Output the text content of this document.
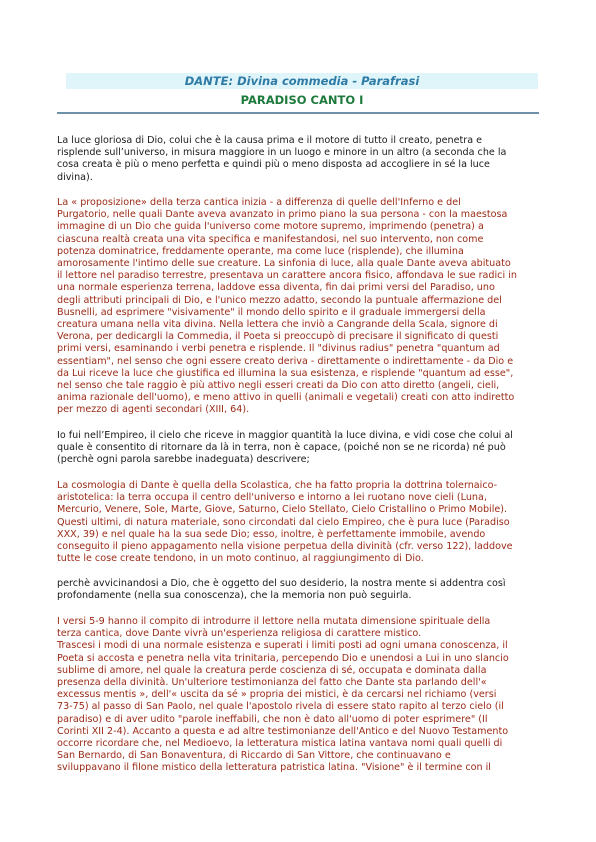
DANTE: Divina commedia - Parafrasi
PARADISO CANTO I

La luce gloriosa di Dio, colui che è la causa prima e il motore di tutto il creato, penetra e
risplende sull’universo, in misura maggiore in un luogo e minore in un altro (a seconda che la
cosa creata è più o meno perfetta e quindi più o meno disposta ad accogliere in sé la luce
divina).

La « proposizione» della terza cantica inizia - a differenza di quelle dell'Inferno e del
Purgatorio, nelle quali Dante aveva avanzato in primo piano la sua persona - con la maestosa
immagine di un Dio che guida l'universo come motore supremo, imprimendo (penetra) a
ciascuna realtà creata una vita specifica e manifestandosi, nel suo intervento, non come
potenza dominatrice, freddamente operante, ma come luce (risplende), che illumina
amorosamente l'intimo delle sue creature. La sinfonia di luce, alla quale Dante aveva abituato
il lettore nel paradiso terrestre, presentava un carattere ancora fisico, affondava le sue radici in
una normale esperienza terrena, laddove essa diventa, fin dai primi versi del Paradiso, uno
degli attributi principali di Dio, e l'unico mezzo adatto, secondo la puntuale affermazione del
Busnelli, ad esprimere "visivamente" il mondo dello spirito e il graduale immergersi della
creatura umana nella vita divina. Nella lettera che inviò a Cangrande della Scala, signore di
Verona, per dedicargli la Commedia, il Poeta si preoccupò di precisare il significato di questi
primi versi, esaminando i verbi penetra e risplende. Il "divinus radius" penetra "quantum ad
essentiam", nel senso che ogni essere creato deriva - direttamente o indirettamente - da Dio e
da Lui riceve la luce che giustifica ed illumina la sua esistenza, e risplende "quantum ad esse",
nel senso che tale raggio è più attivo negli esseri creati da Dio con atto diretto (angeli, cieli,
anima razionale dell'uomo), e meno attivo in quelli (animali e vegetali) creati con atto indiretto
per mezzo di agenti secondari (XIII, 64).

Io fui nell’Empireo, il cielo che riceve in maggior quantità la luce divina, e vidi cose che colui al
quale è consentito di ritornare da là in terra, non è capace, (poiché non se ne ricorda) né può
(perchè ogni parola sarebbe inadeguata) descrivere;

La cosmologia di Dante è quella della Scolastica, che ha fatto propria la dottrina tolernaico-
aristotelica: la terra occupa il centro dell'universo e intorno a lei ruotano nove cieli (Luna,
Mercurio, Venere, Sole, Marte, Giove, Saturno, Cielo Stellato, Cielo Cristallino o Primo Mobile).
Questi ultimi, di natura materiale, sono circondati dal cielo Empireo, che è pura luce (Paradiso
XXX, 39) e nel quale ha la sua sede Dio; esso, inoltre, è perfettamente immobile, avendo
conseguito il pieno appagamento nella visione perpetua della divinità (cfr. verso 122), laddove
tutte le cose create tendono, in un moto continuo, al raggiungimento di Dio.

perchè avvicinandosi a Dio, che è oggetto del suo desiderio, la nostra mente si addentra così
profondamente (nella sua conoscenza), che la memoria non può seguirla.

I versi 5-9 hanno il compito di introdurre il lettore nella mutata dimensione spirituale della
terza cantica, dove Dante vivrà un'esperienza religiosa di carattere mistico.
Trascesi i modi di una normale esistenza e superati i limiti posti ad ogni umana conoscenza, il
Poeta si accosta e penetra nella vita trinitaria, percependo Dio e unendosi a Lui in uno slancio
sublime di amore, nel quale la creatura perde coscienza di sé, occupata e dominata dalla
presenza della divinità. Un'ulteriore testimonianza del fatto che Dante sta parlando dell'«
excessus mentis », dell'« uscita da sé » propria dei mistici, è da cercarsi nel richiamo (versi
73-75) al passo di San Paolo, nel quale l'apostolo rivela di essere stato rapito al terzo cielo (il
paradiso) e di aver udito "parole ineffabili, che non è dato all'uomo di poter esprimere" (Il
Corinti XII 2-4). Accanto a questa e ad altre testimonianze dell'Antico e del Nuovo Testamento
occorre ricordare che, nel Medioevo, la letteratura mistica latina vantava nomi quali quelli di
San Bernardo, di San Bonaventura, di Riccardo di San Vittore, che continuavano e
sviluppavano il filone mistico della letteratura patristica latina. "Visione" è il termine con il
